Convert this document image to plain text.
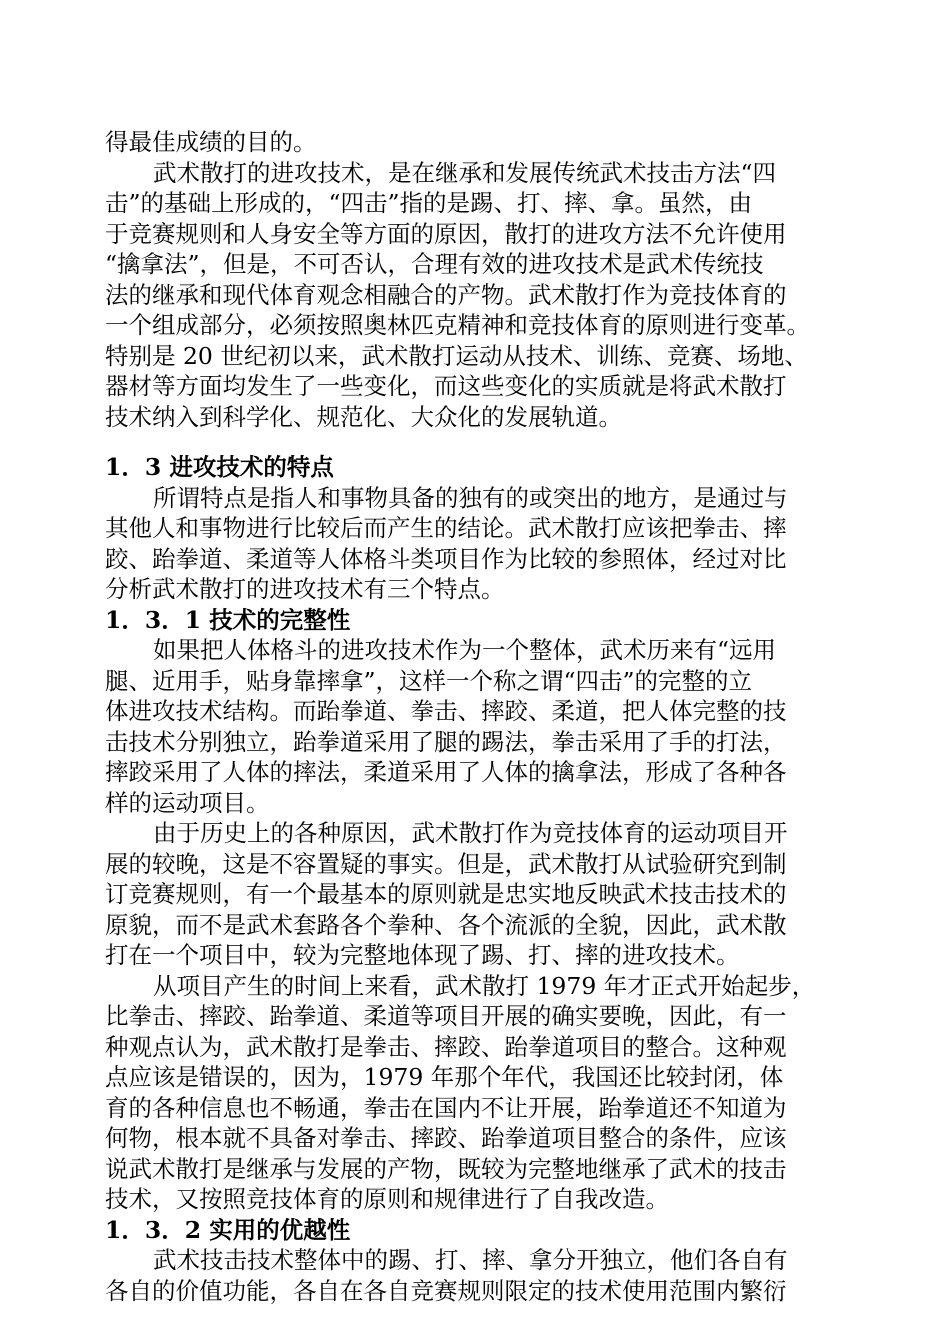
得最佳成绩的目的。
武术散打的进攻技术，是在继承和发展传统武术技击方法“四
击”的基础上形成的，“四击”指的是踢、打、摔、拿。虽然，由
于竞赛规则和人身安全等方面的原因，散打的进攻方法不允许使用
“擒拿法”，但是，不可否认，合理有效的进攻技术是武术传统技
法的继承和现代体育观念相融合的产物。武术散打作为竞技体育的
一个组成部分，必须按照奥林匹克精神和竞技体育的原则进行变革。
特别是 20 世纪初以来，武术散打运动从技术、训练、竞赛、场地、
器材等方面均发生了一些变化，而这些变化的实质就是将武术散打
技术纳入到科学化、规范化、大众化的发展轨道。
1．3 进攻技术的特点
所谓特点是指人和事物具备的独有的或突出的地方，是通过与
其他人和事物进行比较后而产生的结论。武术散打应该把拳击、摔
跤、跆拳道、柔道等人体格斗类项目作为比较的参照体，经过对比
分析武术散打的进攻技术有三个特点。
1．3．1 技术的完整性
如果把人体格斗的进攻技术作为一个整体，武术历来有“远用
腿、近用手，贴身靠摔拿”，这样一个称之谓“四击”的完整的立
体进攻技术结构。而跆拳道、拳击、摔跤、柔道，把人体完整的技
击技术分别独立，跆拳道采用了腿的踢法，拳击采用了手的打法，
摔跤采用了人体的摔法，柔道采用了人体的擒拿法，形成了各种各
样的运动项目。
由于历史上的各种原因，武术散打作为竞技体育的运动项目开
展的较晚，这是不容置疑的事实。但是，武术散打从试验研究到制
订竞赛规则，有一个最基本的原则就是忠实地反映武术技击技术的
原貌，而不是武术套路各个拳种、各个流派的全貌，因此，武术散
打在一个项目中，较为完整地体现了踢、打、摔的进攻技术。
从项目产生的时间上来看，武术散打 1979 年才正式开始起步，
比拳击、摔跤、跆拳道、柔道等项目开展的确实要晚，因此，有一
种观点认为，武术散打是拳击、摔跤、跆拳道项目的整合。这种观
点应该是错误的，因为，1979 年那个年代，我国还比较封闭，体
育的各种信息也不畅通，拳击在国内不让开展，跆拳道还不知道为
何物，根本就不具备对拳击、摔跤、跆拳道项目整合的条件，应该
说武术散打是继承与发展的产物，既较为完整地继承了武术的技击
技术，又按照竞技体育的原则和规律进行了自我改造。
1．3．2 实用的优越性
武术技击技术整体中的踢、打、摔、拿分开独立，他们各自有
各自的价值功能，各自在各自竞赛规则限定的技术使用范围内繁衍
